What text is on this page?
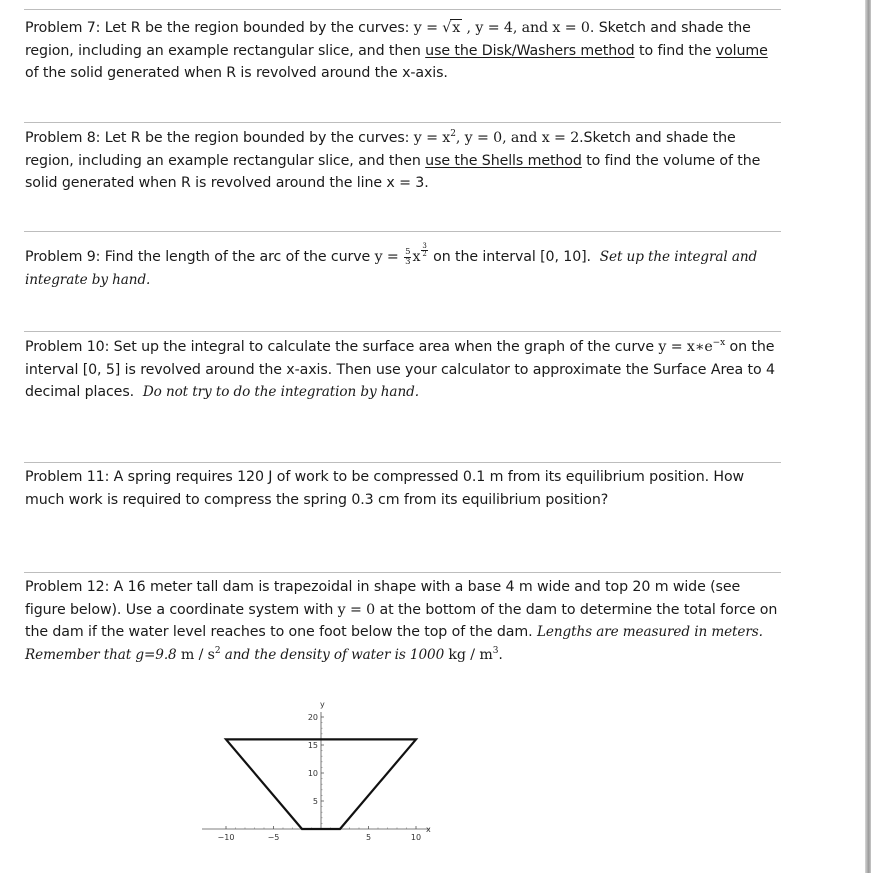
Problem 7: Let R be the region bounded by the curves: y = √x , y = 4, and x = 0. Sketch and shade the region, including an example rectangular slice, and then use the Disk/Washers method to find the volume of the solid generated when R is revolved around the x-axis.
Problem 8: Let R be the region bounded by the curves: $y = x^2$, y = 0, and x = 2.Sketch and shade the region, including an example rectangular slice, and then use the Shells method to find the volume of the solid generated when R is revolved around the line x = 3.
Problem 9: Find the length of the arc of the curve $y = \frac{5}{3}$ x $\frac{3}{2}$ on the interval [0, 10]. Set up the integral and integrate by hand.
Problem 10: Set up the integral to calculate the surface area when the graph of the curve $y = x∗e^{-x}$ on the interval [0, 5] is revolved around the x-axis. Then use your calculator to approximate the Surface Area to 4 decimal places. Do not try to do the integration by hand.
Problem 11: A spring requires 120 J of work to be compressed 0.1 m from its equilibrium position. How much work is required to compress the spring 0.3 cm from its equilibrium position?
Problem 12: A 16 meter tall dam is trapezoidal in shape with a base 4 m wide and top 20 m wide (see figure below). Use a coordinate system with y = 0 at the bottom of the dam to determine the total force on the dam if the water level reaches to one foot below the top of the dam. Lengths are measured in meters. Remember that g=9.8 m / $s^2$ and the density of water is 1000 kg / $m^3$.
−10	−5	5	10
20
15
10
5
x
y
